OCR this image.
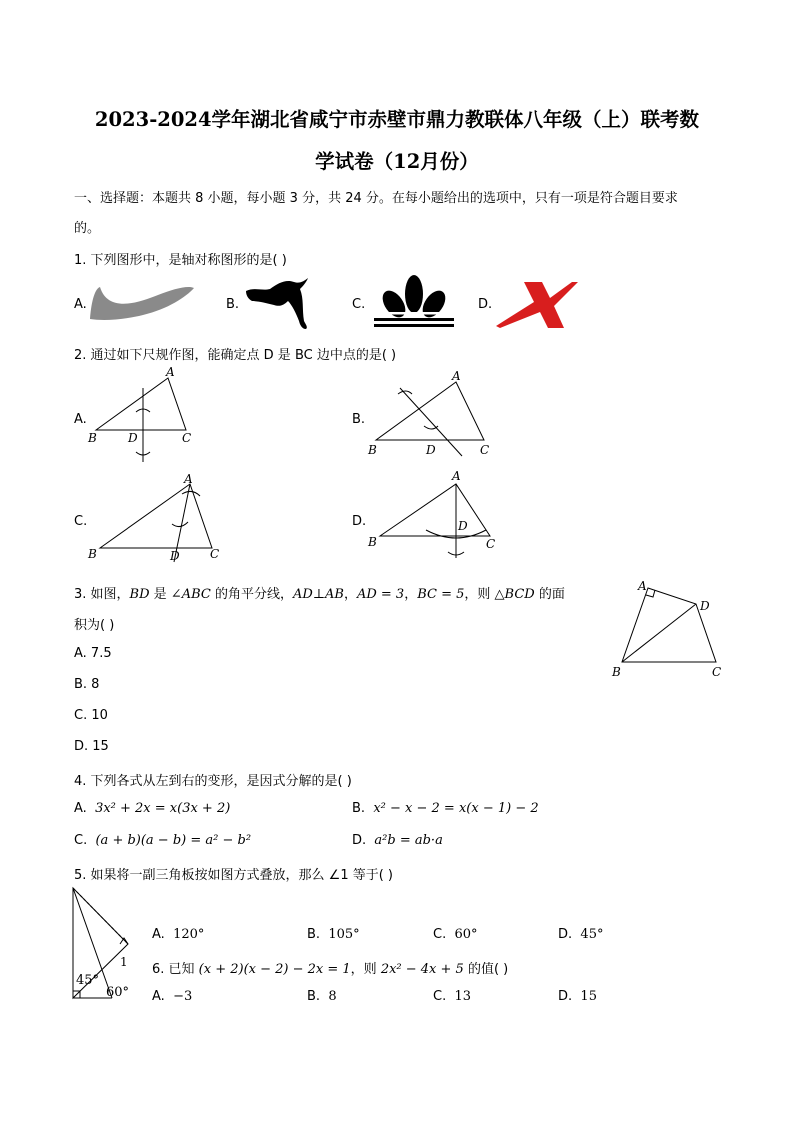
2023-2024学年湖北省咸宁市赤壁市鼎力教联体八年级（上）联考数
学试卷（12月份）
一、选择题：本题共 8 小题，每小题 3 分，共 24 分。在每小题给出的选项中，只有一项是符合题目要求
的。
1. 下列图形中，是轴对称图形的是( )
A.	B.	C.	D.
2. 通过如下尺规作图，能确定点 D 是 BC 边中点的是( )
A.
A
B	D	C
B.
A
B	D	C
C.
A
B	D	C
D.
A
B
D
C
3. 如图，BD 是 ∠ABC 的角平分线，AD⊥AB，AD = 3，BC = 5，则 △BCD 的面
积为( )
A. 7.5
B. 8
C. 10
D. 15
A
D
B	C
4. 下列各式从左到右的变形，是因式分解的是( )
A. 3x² + 2x = x(3x + 2)	B. x² − x − 2 = x(x − 1) − 2
C. (a + b)(a − b) = a² − b²	D. a²b = ab·a
5. 如果将一副三角板按如图方式叠放，那么 ∠1 等于( )
45°
60°
1
A. 120°	B. 105°	C. 60°	D. 45°
6. 已知 (x + 2)(x − 2) − 2x = 1，则 2x² − 4x + 5 的值( )
A. −3	B. 8	C. 13	D. 15
